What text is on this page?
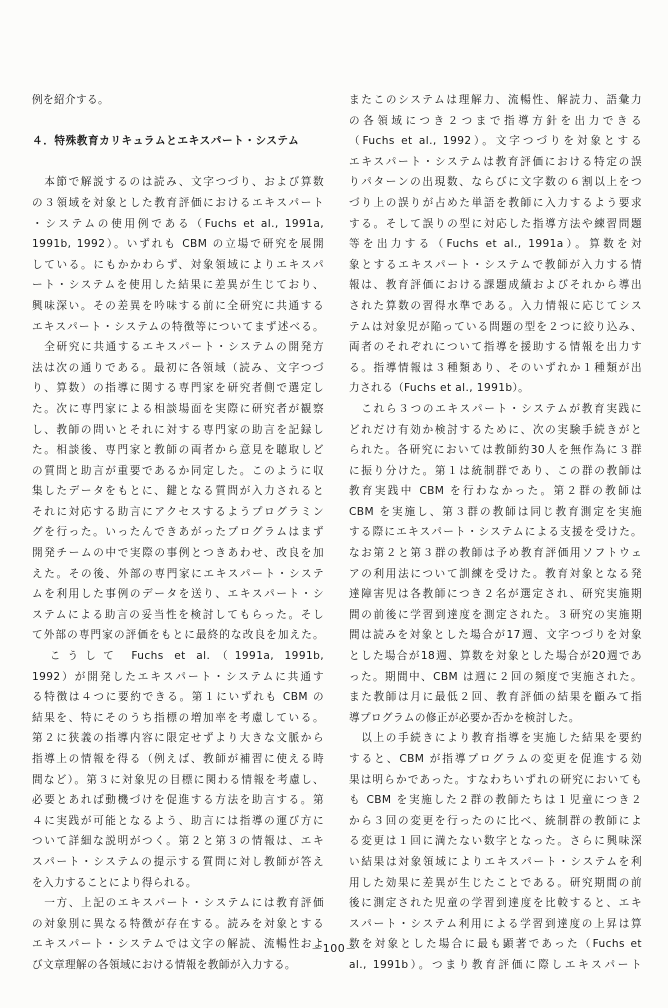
例を紹介する。
４．特殊教育カリキュラムとエキスパート・システム
　本節で解説するのは読み、文字つづり、および算数
の３領域を対象とした教育評価におけるエキスパート
・システムの使用例である（Fuchs et al., 1991a,
1991b, 1992）。いずれも CBM の立場で研究を展開
している。にもかかわらず、対象領域によりエキスパ
ート・システムを使用した結果に差異が生じており、
興味深い。その差異を吟味する前に全研究に共通する
エキスパート・システムの特徴等についてまず述べる。
　全研究に共通するエキスパート・システムの開発方
法は次の通りである。最初に各領域（読み、文字つづ
り、算数）の指導に関する専門家を研究者側で選定し
た。次に専門家による相談場面を実際に研究者が観察
し、教師の問いとそれに対する専門家の助言を記録し
た。相談後、専門家と教師の両者から意見を聴取しど
の質問と助言が重要であるか同定した。このように収
集したデータをもとに、鍵となる質問が入力されると
それに対応する助言にアクセスするようプログラミン
グを行った。いったんできあがったプログラムはまず
開発チームの中で実際の事例とつきあわせ、改良を加
えた。その後、外部の専門家にエキスパート・システ
ムを利用した事例のデータを送り、エキスパート・シ
ステムによる助言の妥当性を検討してもらった。そし
て外部の専門家の評価をもとに最終的な改良を加えた。
　こうして Fuchs et al.（1991a, 1991b,
1992）が開発したエキスパート・システムに共通す
る特徴は４つに要約できる。第１にいずれも CBM の
結果を、特にそのうち指標の増加率を考慮している。
第２に狭義の指導内容に限定せずより大きな文脈から
指導上の情報を得る（例えば、教師が補習に使える時
間など）。第３に対象児の目標に関わる情報を考慮し、
必要とあれば動機づけを促進する方法を助言する。第
４に実践が可能となるよう、助言には指導の運び方に
ついて詳細な説明がつく。第２と第３の情報は、エキ
スパート・システムの提示する質問に対し教師が答え
を入力することにより得られる。
　一方、上記のエキスパート・システムには教育評価
の対象別に異なる特徴が存在する。読みを対象とする
エキスパート・システムでは文字の解読、流暢性およ
び文章理解の各領域における情報を教師が入力する。
またこのシステムは理解力、流暢性、解読力、語彙力
の各領域につき２つまで指導方針を出力できる
（Fuchs et al., 1992）。文字つづりを対象とする
エキスパート・システムは教育評価における特定の誤
りパターンの出現数、ならびに文字数の６割以上をつ
づり上の誤りが占めた単語を教師に入力するよう要求
する。そして誤りの型に対応した指導方法や練習問題
等を出力する（Fuchs et al., 1991a）。算数を対
象とするエキスパート・システムで教師が入力する情
報は、教育評価における課題成績およびそれから導出
された算数の習得水準である。入力情報に応じてシス
テムは対象児が陥っている問題の型を２つに絞り込み、
両者のそれぞれについて指導を援助する情報を出力す
る。指導情報は３種類あり、そのいずれか１種類が出
力される（Fuchs et al., 1991b）。
　これら３つのエキスパート・システムが教育実践に
どれだけ有効か検討するために、次の実験手続きがと
られた。各研究においては教師約30人を無作為に３群
に振り分けた。第１は統制群であり、この群の教師は
教育実践中 CBM を行わなかった。第２群の教師は
CBM を実施し、第３群の教師は同じ教育測定を実施
する際にエキスパート・システムによる支援を受けた。
なお第２と第３群の教師は予め教育評価用ソフトウェ
アの利用法について訓練を受けた。教育対象となる発
達障害児は各教師につき２名が選定され、研究実施期
間の前後に学習到達度を測定された。３研究の実施期
間は読みを対象とした場合が17週、文字つづりを対象
とした場合が18週、算数を対象とした場合が20週であ
った。期間中、CBM は週に２回の頻度で実施された。
また教師は月に最低２回、教育評価の結果を顧みて指
導プログラムの修正が必要か否かを検討した。
　以上の手続きにより教育指導を実施した結果を要約
すると、CBM が指導プログラムの変更を促進する効
果は明らかであった。すなわちいずれの研究においても
も CBM を実施した２群の教師たちは１児童につき２
から３回の変更を行ったのに比べ、統制群の教師によ
る変更は１回に満たない数字となった。さらに興味深
い結果は対象領域によりエキスパート・システムを利
用した効果に差異が生じたことである。研究期間の前
後に測定された児童の学習到達度を比較すると、エキ
スパート・システム利用による学習到達度の上昇は算
数を対象とした場合に最も顕著であった（Fuchs et
al., 1991b）。つまり教育評価に際しエキスパート
－100－
